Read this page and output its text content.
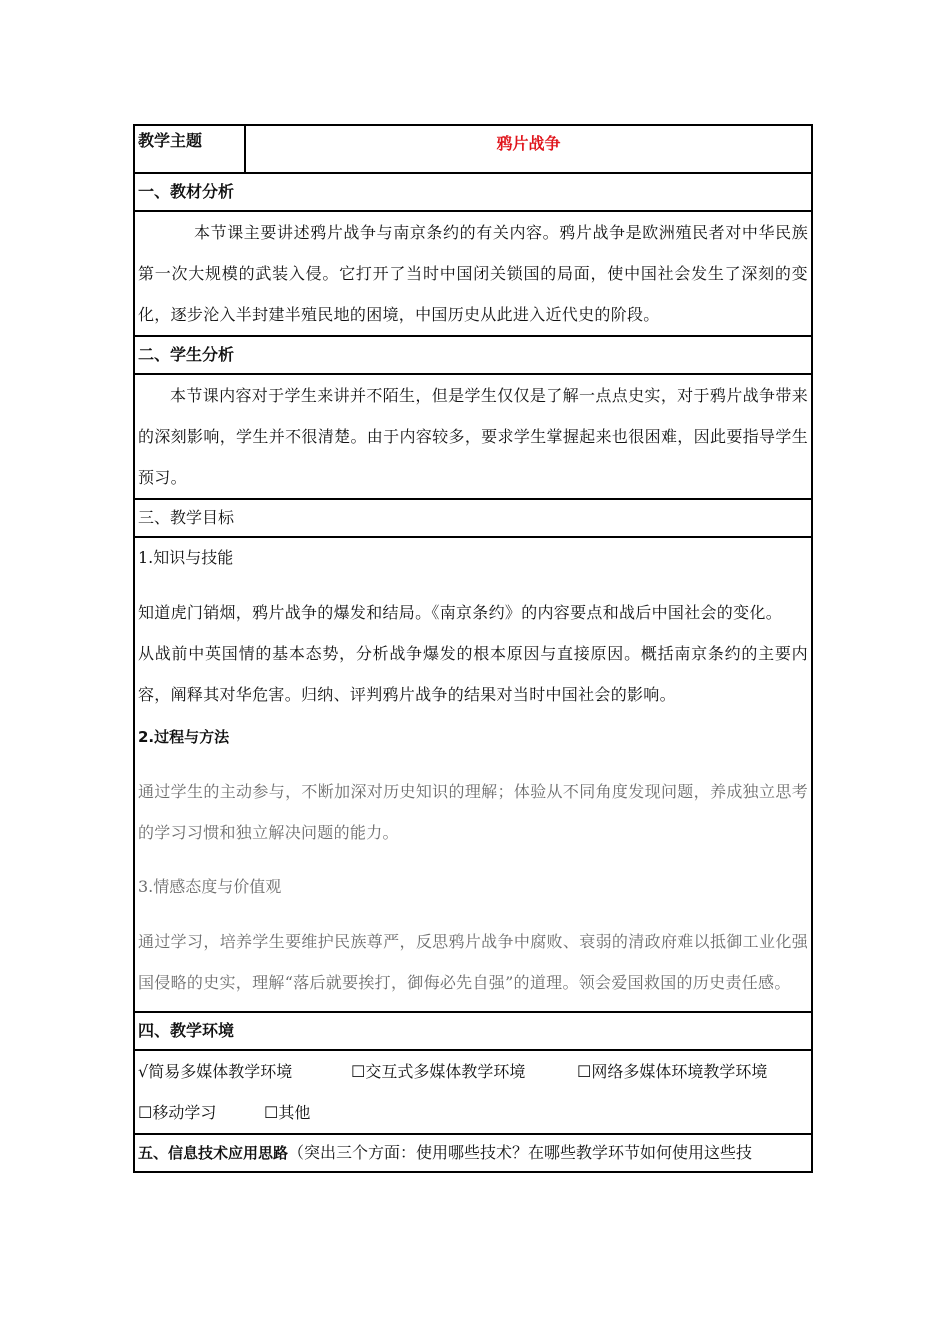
教学主题	鸦片战争
一、教材分析

本节课主要讲述鸦片战争与南京条约的有关内容。鸦片战争是欧洲殖民者对中华民族第一次大规模的武装入侵。它打开了当时中国闭关锁国的局面，使中国社会发生了深刻的变化，逐步沦入半封建半殖民地的困境，中国历史从此进入近代史的阶段。

二、学生分析

本节课内容对于学生来讲并不陌生，但是学生仅仅是了解一点点史实，对于鸦片战争带来的深刻影响，学生并不很清楚。由于内容较多，要求学生掌握起来也很困难，因此要指导学生预习。

三、教学目标

1.知识与技能

知道虎门销烟，鸦片战争的爆发和结局。《南京条约》的内容要点和战后中国社会的变化。

从战前中英国情的基本态势，分析战争爆发的根本原因与直接原因。概括南京条约的主要内容，阐释其对华危害。归纳、评判鸦片战争的结果对当时中国社会的影响。

2.过程与方法

通过学生的主动参与，不断加深对历史知识的理解；体验从不同角度发现问题，养成独立思考的学习习惯和独立解决问题的能力。

3.情感态度与价值观

通过学习，培养学生要维护民族尊严，反思鸦片战争中腐败、衰弱的清政府难以抵御工业化强国侵略的史实，理解“落后就要挨打，御侮必先自强”的道理。领会爱国救国的历史责任感。

四、教学环境

√简易多媒体教学环境	☐交互式多媒体教学环境	☐网络多媒体环境教学环境

☐移动学习	☐其他

五、信息技术应用思路（突出三个方面：使用哪些技术？在哪些教学环节如何使用这些技
